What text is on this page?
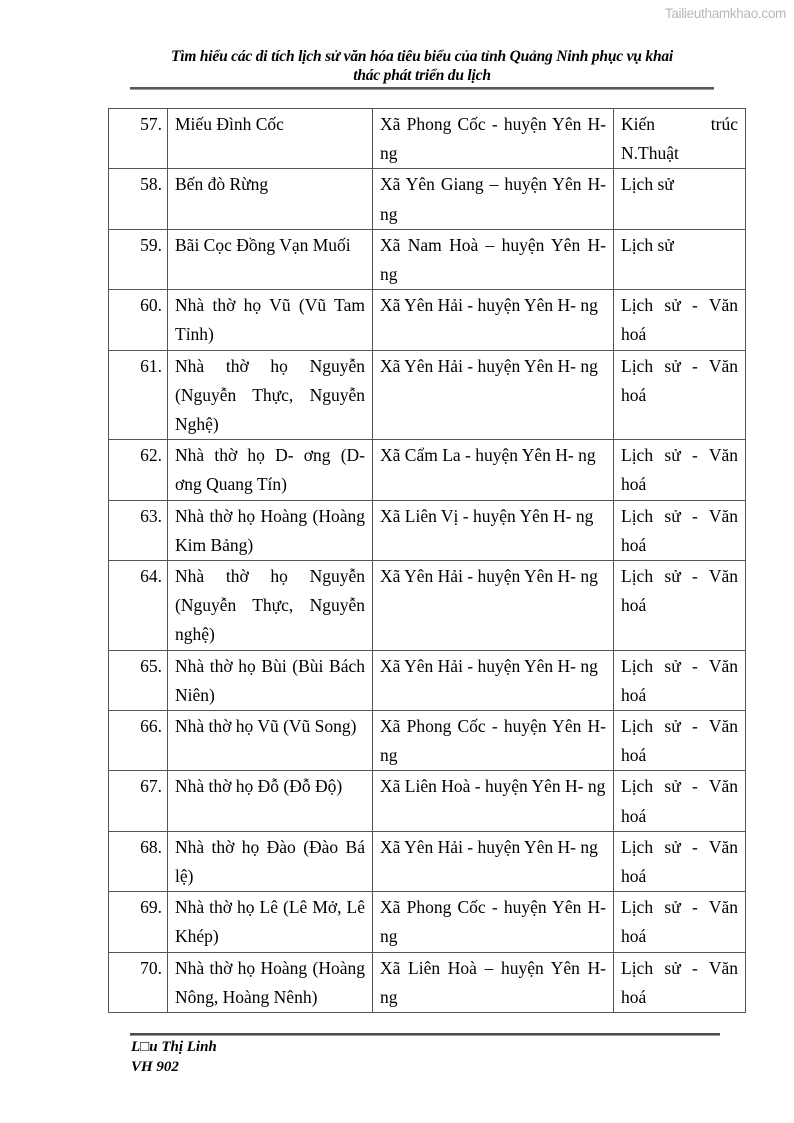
Tailieuthamkhao.com
Tìm hiểu các di tích lịch sử văn hóa tiêu biểu của tỉnh Quảng Ninh phục vụ khai
thác phát triển du lịch
57.	Miếu Đình Cốc	Xã Phong Cốc - huyện Yên H- ng	Kiến trúc N.Thuật
58.	Bến đò Rừng	Xã Yên Giang – huyện Yên H- ng	Lịch sử
59.	Bãi Cọc Đồng Vạn Muối	Xã Nam Hoà – huyện Yên H- ng	Lịch sử
60.	Nhà thờ họ Vũ (Vũ Tam Tỉnh)	Xã Yên Hải - huyện Yên H- ng	Lịch sử - Văn hoá
61.	Nhà thờ họ Nguyễn (Nguyễn Thực, Nguyễn Nghệ)	Xã Yên Hải - huyện Yên H- ng	Lịch sử - Văn hoá
62.	Nhà thờ họ D- ơng (D- ơng Quang Tín)	Xã Cẩm La - huyện Yên H- ng	Lịch sử - Văn hoá
63.	Nhà thờ họ Hoàng (Hoàng Kim Bảng)	Xã Liên Vị - huyện Yên H- ng	Lịch sử - Văn hoá
64.	Nhà thờ họ Nguyễn (Nguyễn Thực, Nguyễn nghệ)	Xã Yên Hải - huyện Yên H- ng	Lịch sử - Văn hoá
65.	Nhà thờ họ Bùi (Bùi Bách Niên)	Xã Yên Hải - huyện Yên H- ng	Lịch sử - Văn hoá
66.	Nhà thờ họ Vũ (Vũ Song)	Xã Phong Cốc - huyện Yên H- ng	Lịch sử - Văn hoá
67.	Nhà thờ họ Đỗ (Đỗ Độ)	Xã Liên Hoà - huyện Yên H- ng	Lịch sử - Văn hoá
68.	Nhà thờ họ Đào (Đào Bá lệ)	Xã Yên Hải - huyện Yên H- ng	Lịch sử - Văn hoá
69.	Nhà thờ họ Lê (Lê Mở, Lê Khép)	Xã Phong Cốc - huyện Yên H- ng	Lịch sử - Văn hoá
70.	Nhà thờ họ Hoàng (Hoàng Nông, Hoàng Nênh)	Xã Liên Hoà – huyện Yên H- ng	Lịch sử - Văn hoá
L□u Thị Linh
VH 902
